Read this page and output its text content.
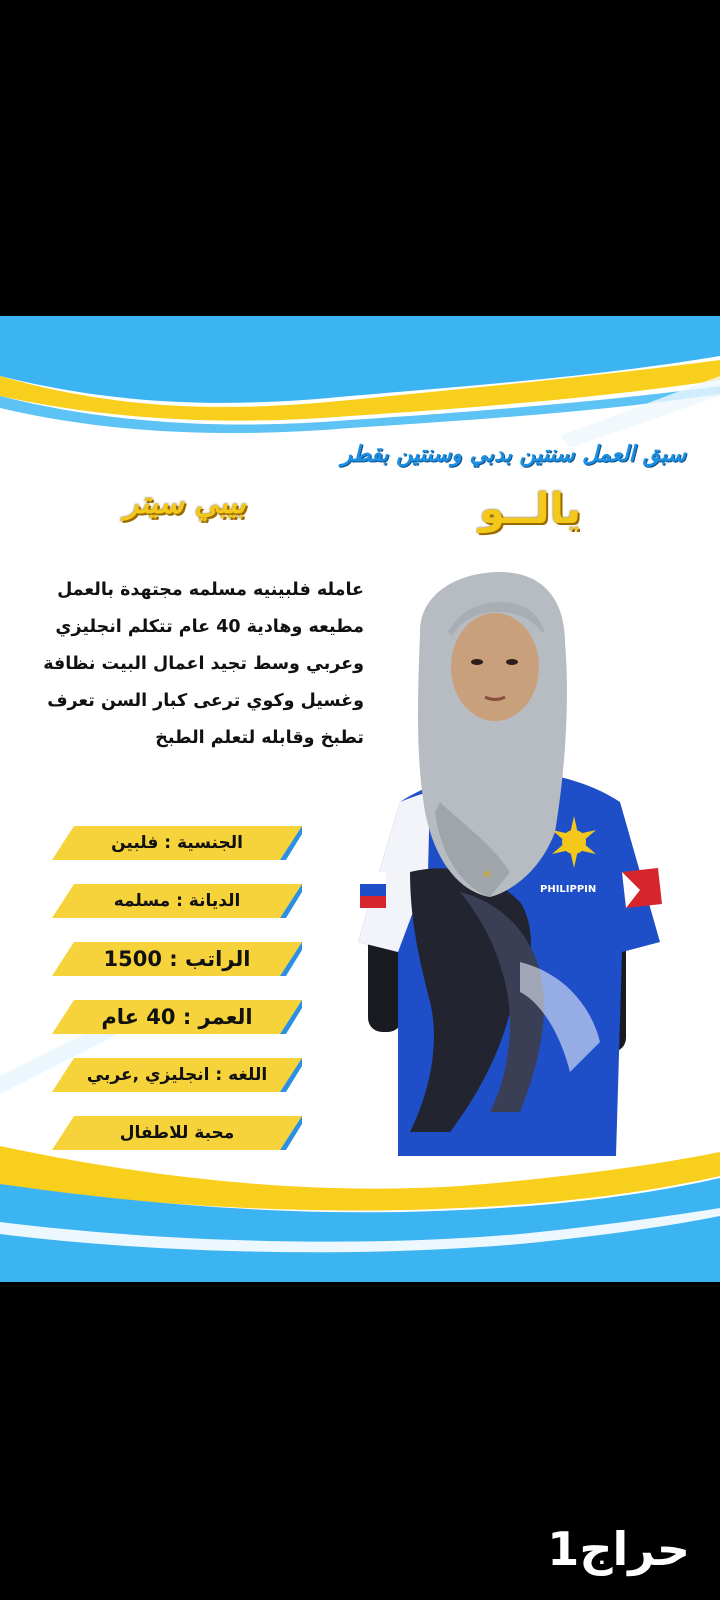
سبق العمل سنتين بدبي وسنتين بقطر
يالــو
بيبي سيتر
عامله فلبينيه مسلمه مجتهدة بالعمل
مطيعه وهادية 40 عام تتكلم انجليزي
وعربي وسط تجيد اعمال البيت نظافة
وغسيل وكوي ترعى كبار السن تعرف
تطبخ وقابله لتعلم الطبخ
PHILIPPIN
الجنسية : فلبين
الديانة : مسلمه
الراتب : 1500
العمر : 40 عام
اللغه : انجليزي ,عربي
محبة للاطفال
حراج1
